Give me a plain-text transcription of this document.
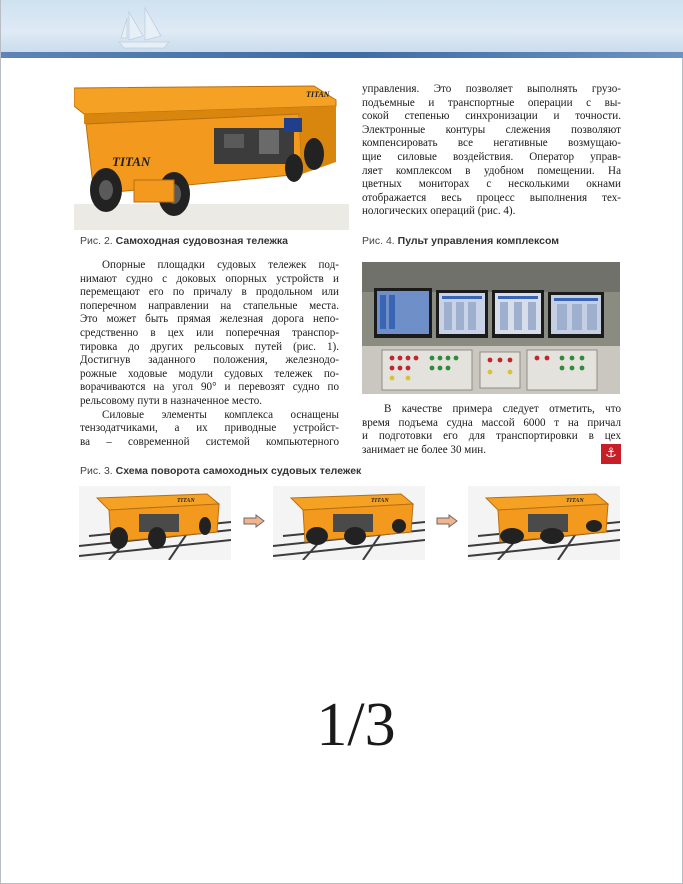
TITAN
TITAN
Рис. 2. Самоходная судовозная тележка
Опорные площадки судовых тележек под-
нимают судно с доковых опорных устройств и
перемещают его по причалу в продольном или
поперечном направлении на стапельные места.
Это может быть прямая железная дорога непо-
средственно в цех или поперечная транспор-
тировка до других рельсовых путей (рис. 1).
Достигнув заданного положения, железнодо-
рожные ходовые модули судовых тележек по-
ворачиваются на угол 90° и перевозят судно по
рельсовому пути в назначенное место.
Силовые элементы комплекса оснащены
тензодатчиками, а их приводные устройст-
ва – современной системой компьютерного
управления. Это позволяет выполнять грузо-
подъемные и транспортные операции с вы-
сокой степенью синхронизации и точности.
Электронные контуры слежения позволяют
компенсировать все негативные возмущаю-
щие силовые воздействия. Оператор управ-
ляет комплексом в удобном помещении. На
цветных мониторах с несколькими окнами
отображается весь процесс выполнения тех-
нологических операций (рис. 4).
Рис. 4. Пульт управления комплексом
В качестве примера следует отметить, что
время подъема судна массой 6000 т на причал
и подготовки его для транспортировки в цех
занимает не более 30 мин.	⚓
Рис. 3. Схема поворота самоходных судовых тележек
TITAN	TITAN	TITAN
1/3
